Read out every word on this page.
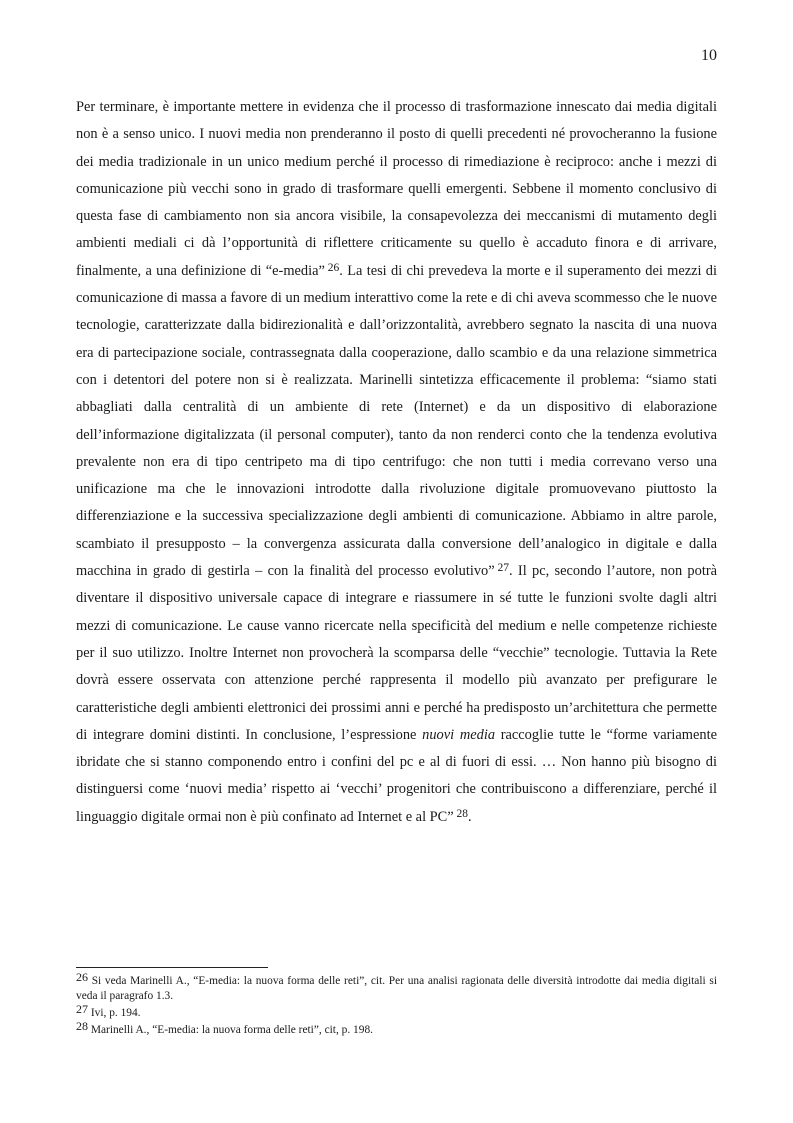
10

Per terminare, è importante mettere in evidenza che il processo di trasformazione innescato dai media digitali non è a senso unico. I nuovi media non prenderanno il posto di quelli precedenti né provocheranno la fusione dei media tradizionale in un unico medium perché il processo di rimediazione è reciproco: anche i mezzi di comunicazione più vecchi sono in grado di trasformare quelli emergenti. Sebbene il momento conclusivo di questa fase di cambiamento non sia ancora visibile, la consapevolezza dei meccanismi di mutamento degli ambienti mediali ci dà l’opportunità di riflettere criticamente su quello è accaduto finora e di arrivare, finalmente, a una definizione di “e-media”  $^{26}$. La tesi di chi prevedeva la morte e il superamento dei mezzi di comunicazione di massa a favore di un medium interattivo come la rete e di chi aveva scommesso che le nuove tecnologie, caratterizzate dalla bidirezionalità e dall’orizzontalità, avrebbero segnato la nascita di una nuova era di partecipazione sociale, contrassegnata dalla cooperazione, dallo scambio e da una relazione simmetrica con i detentori del potere non si è realizzata. Marinelli sintetizza efficacemente il problema: “siamo stati abbagliati dalla centralità di un ambiente di rete (Internet) e da un dispositivo di elaborazione dell’informazione digitalizzata (il personal computer), tanto da non renderci conto che la tendenza evolutiva prevalente non era di tipo centripeto ma di tipo centrifugo: che non tutti i media correvano verso una unificazione ma che le innovazioni introdotte dalla rivoluzione digitale promuovevano piuttosto la differenziazione e la successiva specializzazione degli ambienti di comunicazione. Abbiamo in altre parole, scambiato il presupposto – la convergenza assicurata dalla conversione dell’analogico in digitale e dalla macchina in grado di gestirla – con la finalità del processo evolutivo”  $^{27}$. Il pc, secondo l’autore, non potrà diventare il dispositivo universale capace di integrare e riassumere in sé tutte le funzioni svolte dagli altri mezzi di comunicazione. Le cause vanno ricercate nella specificità del medium e nelle competenze richieste per il suo utilizzo. Inoltre Internet non provocherà la scomparsa delle “vecchie” tecnologie. Tuttavia la Rete dovrà essere osservata con attenzione perché rappresenta il modello più avanzato per prefigurare le caratteristiche degli ambienti elettronici dei prossimi anni e perché ha predisposto un’architettura che permette di integrare domini distinti. In conclusione, l’espressione nuovi media raccoglie tutte le “forme variamente ibridate che si stanno componendo entro i confini del pc e al di fuori di essi. … Non hanno più bisogno di distinguersi come ‘nuovi media’ rispetto ai ‘vecchi’ progenitori che contribuiscono a differenziare, perché il linguaggio digitale ormai non è più confinato ad Internet e al PC”  $^{28}$.

26 Si veda Marinelli A., “E-media: la nuova forma delle reti”, cit. Per una analisi ragionata delle diversità introdotte dai media digitali si veda il paragrafo 1.3.

27 Ivi, p. 194.

28 Marinelli A., “E-media: la nuova forma delle reti”, cit, p. 198.
